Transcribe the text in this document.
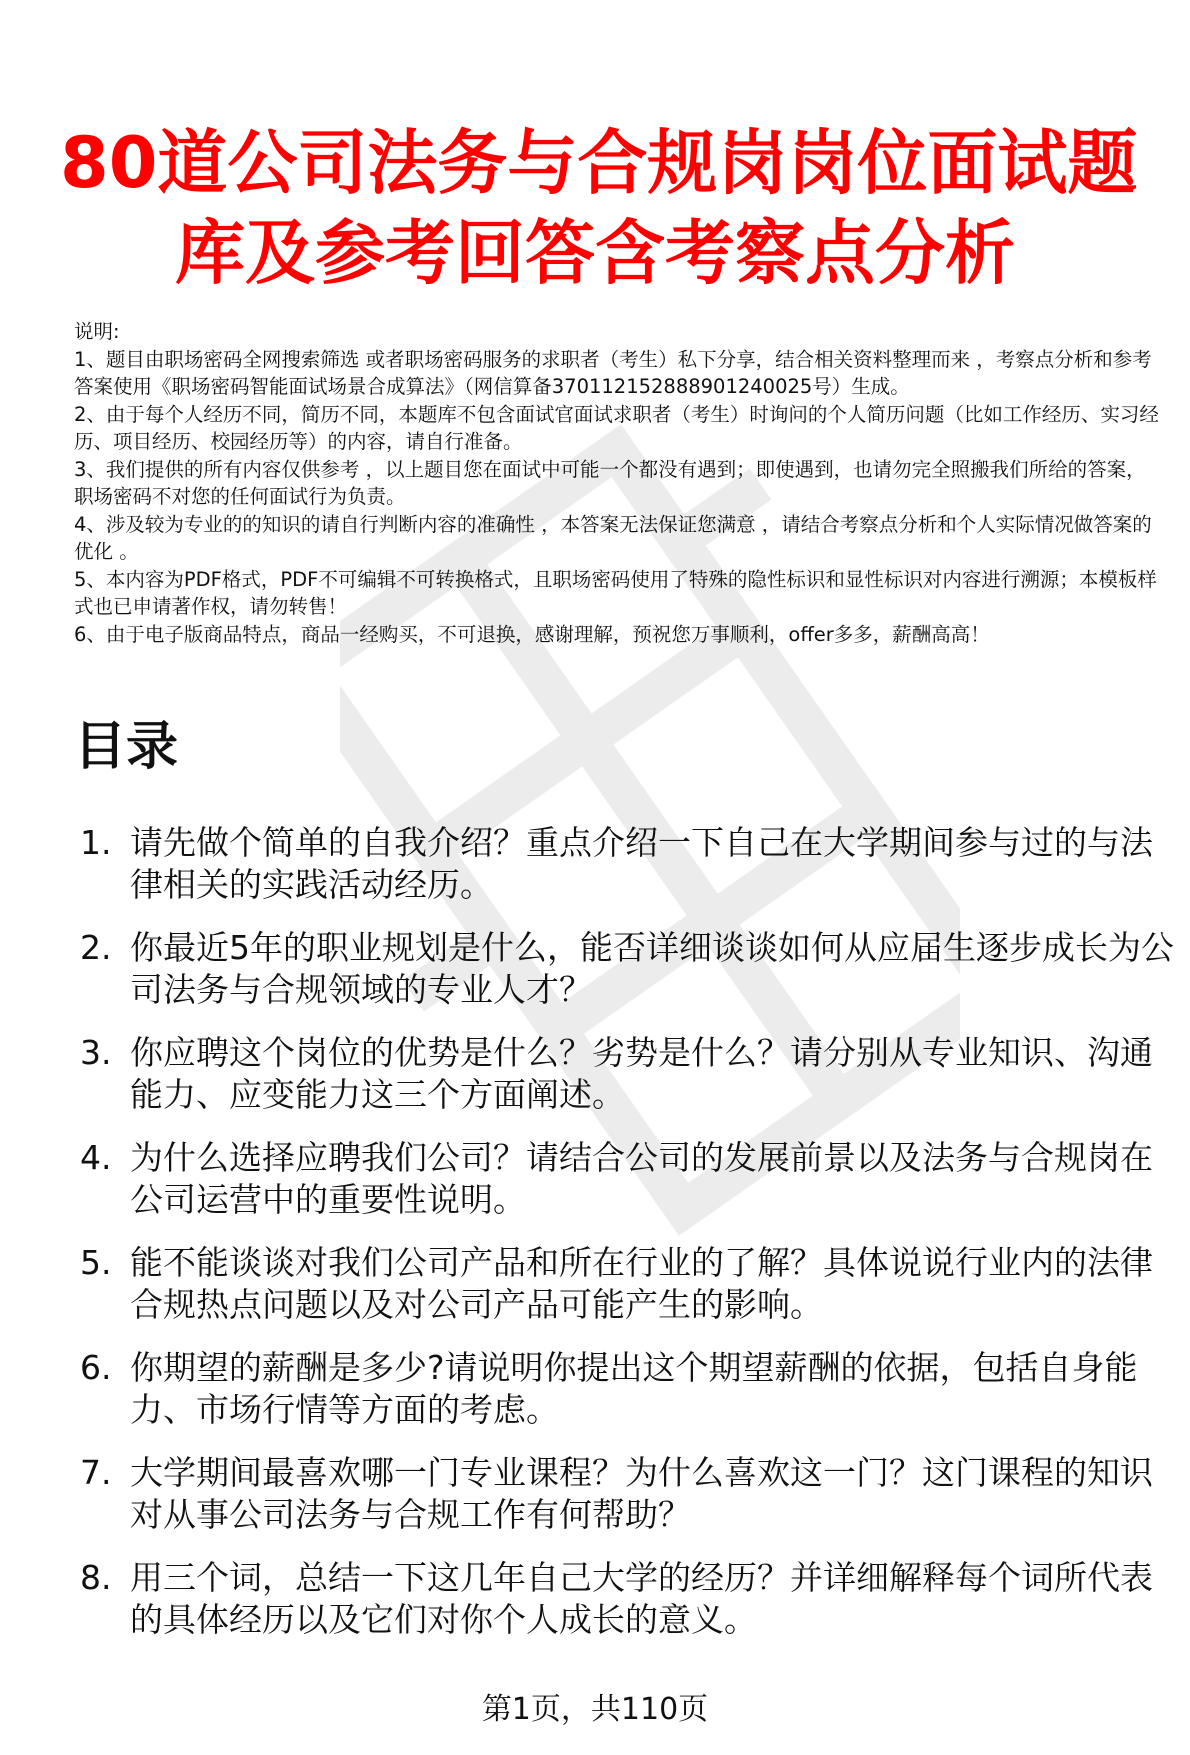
80道公司法务与合规岗岗位面试题
库及参考回答含考察点分析

说明:

1、题目由职场密码全网搜索筛选 或者职场密码服务的求职者（考生）私下分享，结合相关资料整理而来 ，考察点分析和参考答案使用《职场密码智能面试场景合成算法》（网信算备370112152888901240025号）生成。

2、由于每个人经历不同，简历不同，本题库不包含面试官面试求职者（考生）时询问的个人简历问题（比如工作经历、实习经历、项目经历、校园经历等）的内容，请自行准备。

3、我们提供的所有内容仅供参考 ，以上题目您在面试中可能一个都没有遇到；即使遇到，也请勿完全照搬我们所给的答案，职场密码不对您的任何面试行为负责。

4、涉及较为专业的的知识的请自行判断内容的准确性 ，本答案无法保证您满意 ，请结合考察点分析和个人实际情况做答案的优化 。

5、本内容为PDF格式，PDF不可编辑不可转换格式，且职场密码使用了特殊的隐性标识和显性标识对内容进行溯源；本模板样式也已申请著作权，请勿转售！

6、由于电子版商品特点，商品一经购买，不可退换，感谢理解，预祝您万事顺利，offer多多，薪酬高高！

目录
1. 请先做个简单的自我介绍？重点介绍一下自己在大学期间参与过的与法律相关的实践活动经历。
2. 你最近5年的职业规划是什么，能否详细谈谈如何从应届生逐步成长为公司法务与合规领域的专业人才？
3. 你应聘这个岗位的优势是什么？劣势是什么？请分别从专业知识、沟通能力、应变能力这三个方面阐述。
4. 为什么选择应聘我们公司？请结合公司的发展前景以及法务与合规岗在公司运营中的重要性说明。
5. 能不能谈谈对我们公司产品和所在行业的了解？具体说说行业内的法律合规热点问题以及对公司产品可能产生的影响。
6. 你期望的薪酬是多少?请说明你提出这个期望薪酬的依据，包括自身能力、市场行情等方面的考虑。
7. 大学期间最喜欢哪一门专业课程？为什么喜欢这一门？这门课程的知识对从事公司法务与合规工作有何帮助？
8. 用三个词，总结一下这几年自己大学的经历？并详细解释每个词所代表的具体经历以及它们对你个人成长的意义。
第1页，共110页
